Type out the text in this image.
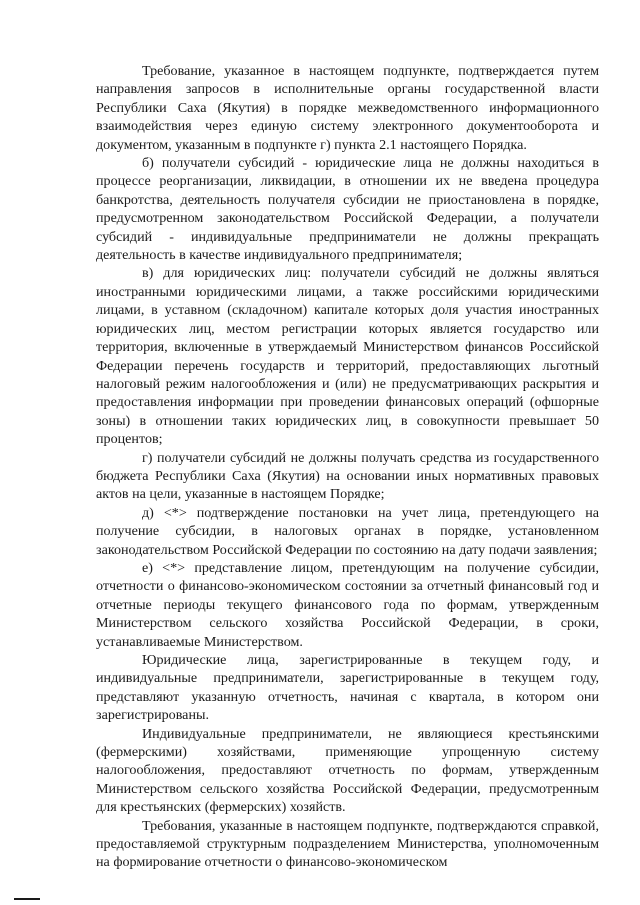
Требование, указанное в настоящем подпункте, подтверждается путем направления запросов в исполнительные органы государственной власти Республики Саха (Якутия) в порядке межведомственного информационного взаимодействия через единую систему электронного документооборота и документом, указанным в подпункте г) пункта 2.1 настоящего Порядка.

б) получатели субсидий - юридические лица не должны находиться в процессе реорганизации, ликвидации, в отношении их не введена процедура банкротства, деятельность получателя субсидии не приостановлена в порядке, предусмотренном законодательством Российской Федерации, а получатели субсидий - индивидуальные предприниматели не должны прекращать деятельность в качестве индивидуального предпринимателя;

в) для юридических лиц: получатели субсидий не должны являться иностранными юридическими лицами, а также российскими юридическими лицами, в уставном (складочном) капитале которых доля участия иностранных юридических лиц, местом регистрации которых является государство или территория, включенные в утверждаемый Министерством финансов Российской Федерации перечень государств и территорий, предоставляющих льготный налоговый режим налогообложения и (или) не предусматривающих раскрытия и предоставления информации при проведении финансовых операций (офшорные зоны) в отношении таких юридических лиц, в совокупности превышает 50 процентов;

г) получатели субсидий не должны получать средства из государственного бюджета Республики Саха (Якутия) на основании иных нормативных правовых актов на цели, указанные в настоящем Порядке;

д) <*> подтверждение постановки на учет лица, претендующего на получение субсидии, в налоговых органах в порядке, установленном законодательством Российской Федерации по состоянию на дату подачи заявления;

е) <*> представление лицом, претендующим на получение субсидии, отчетности о финансово-экономическом состоянии за отчетный финансовый год и отчетные периоды текущего финансового года по формам, утвержденным Министерством сельского хозяйства Российской Федерации, в сроки, устанавливаемые Министерством.

Юридические лица, зарегистрированные в текущем году, и индивидуальные предприниматели, зарегистрированные в текущем году, представляют указанную отчетность, начиная с квартала, в котором они зарегистрированы.

Индивидуальные предприниматели, не являющиеся крестьянскими (фермерскими) хозяйствами, применяющие упрощенную систему налогообложения, предоставляют отчетность по формам, утвержденным Министерством сельского хозяйства Российской Федерации, предусмотренным для крестьянских (фермерских) хозяйств.

Требования, указанные в настоящем подпункте, подтверждаются справкой, предоставляемой структурным подразделением Министерства, уполномоченным на формирование отчетности о финансово-экономическом
